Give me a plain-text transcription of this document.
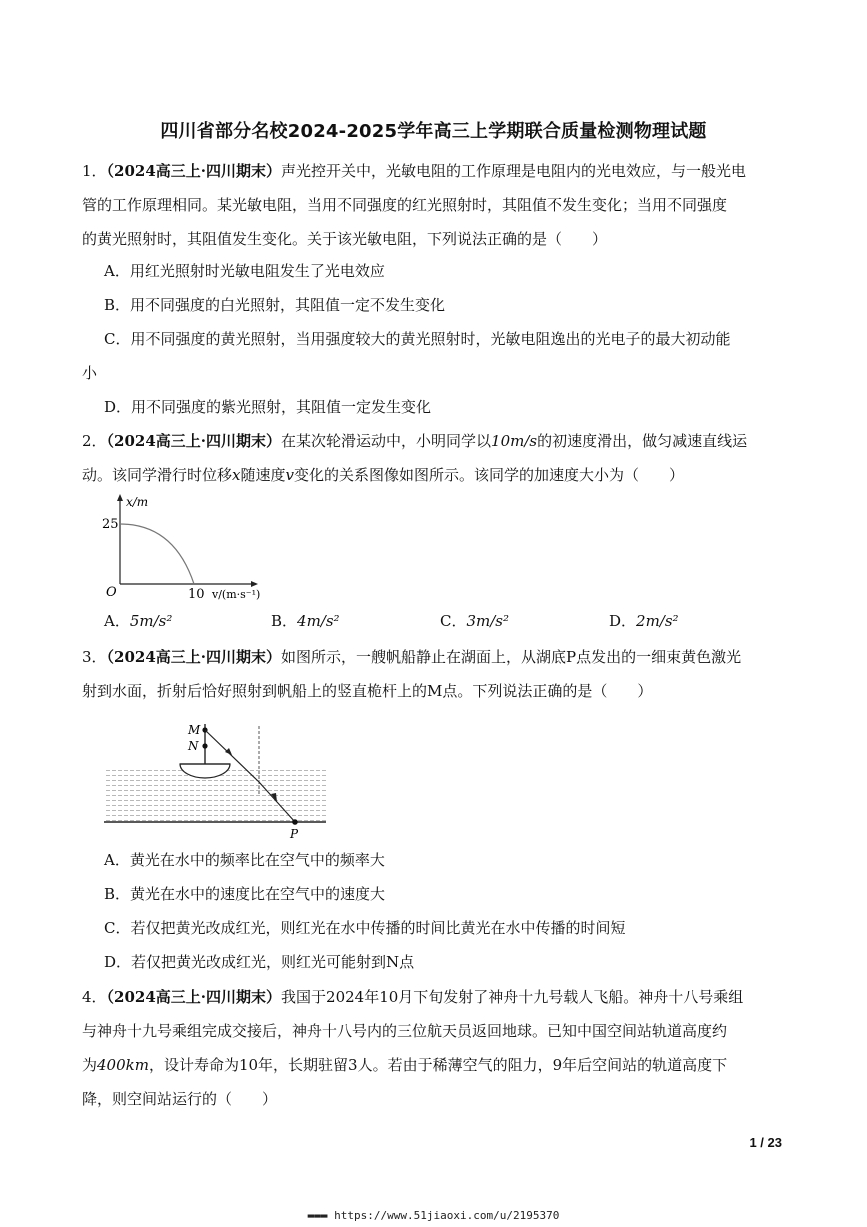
四川省部分名校2024-2025学年高三上学期联合质量检测物理试题
1．（2024高三上·四川期末）声光控开关中，光敏电阻的工作原理是电阻内的光电效应，与一般光电
管的工作原理相同。某光敏电阻，当用不同强度的红光照射时，其阻值不发生变化；当用不同强度
的黄光照射时，其阻值发生变化。关于该光敏电阻，下列说法正确的是（　　）
A．用红光照射时光敏电阻发生了光电效应
B．用不同强度的白光照射，其阻值一定不发生变化
C．用不同强度的黄光照射，当用强度较大的黄光照射时，光敏电阻逸出的光电子的最大初动能
小
D．用不同强度的紫光照射，其阻值一定发生变化
2．（2024高三上·四川期末）在某次轮滑运动中，小明同学以10m/s的初速度滑出，做匀减速直线运
动。该同学滑行时位移x随速度v变化的关系图像如图所示。该同学的加速度大小为（　　）
x/m
25
O	10 v/(m·s⁻¹)
A．5m/s²	B．4m/s²	C．3m/s²	D．2m/s²
3．（2024高三上·四川期末）如图所示，一艘帆船静止在湖面上，从湖底P点发出的一细束黄色激光
射到水面，折射后恰好照射到帆船上的竖直桅杆上的M点。下列说法正确的是（　　）
M
N
P
A．黄光在水中的频率比在空气中的频率大
B．黄光在水中的速度比在空气中的速度大
C．若仅把黄光改成红光，则红光在水中传播的时间比黄光在水中传播的时间短
D．若仅把黄光改成红光，则红光可能射到N点
4．（2024高三上·四川期末）我国于2024年10月下旬发射了神舟十九号载人飞船。神舟十八号乘组
与神舟十九号乘组完成交接后，神舟十八号内的三位航天员返回地球。已知中国空间站轨道高度约
为400km，设计寿命为10年，长期驻留3人。若由于稀薄空气的阻力，9年后空间站的轨道高度下
降，则空间站运行的（　　）
1 / 23
▬▬▬ https://www.51jiaoxi.com/u/2195370
